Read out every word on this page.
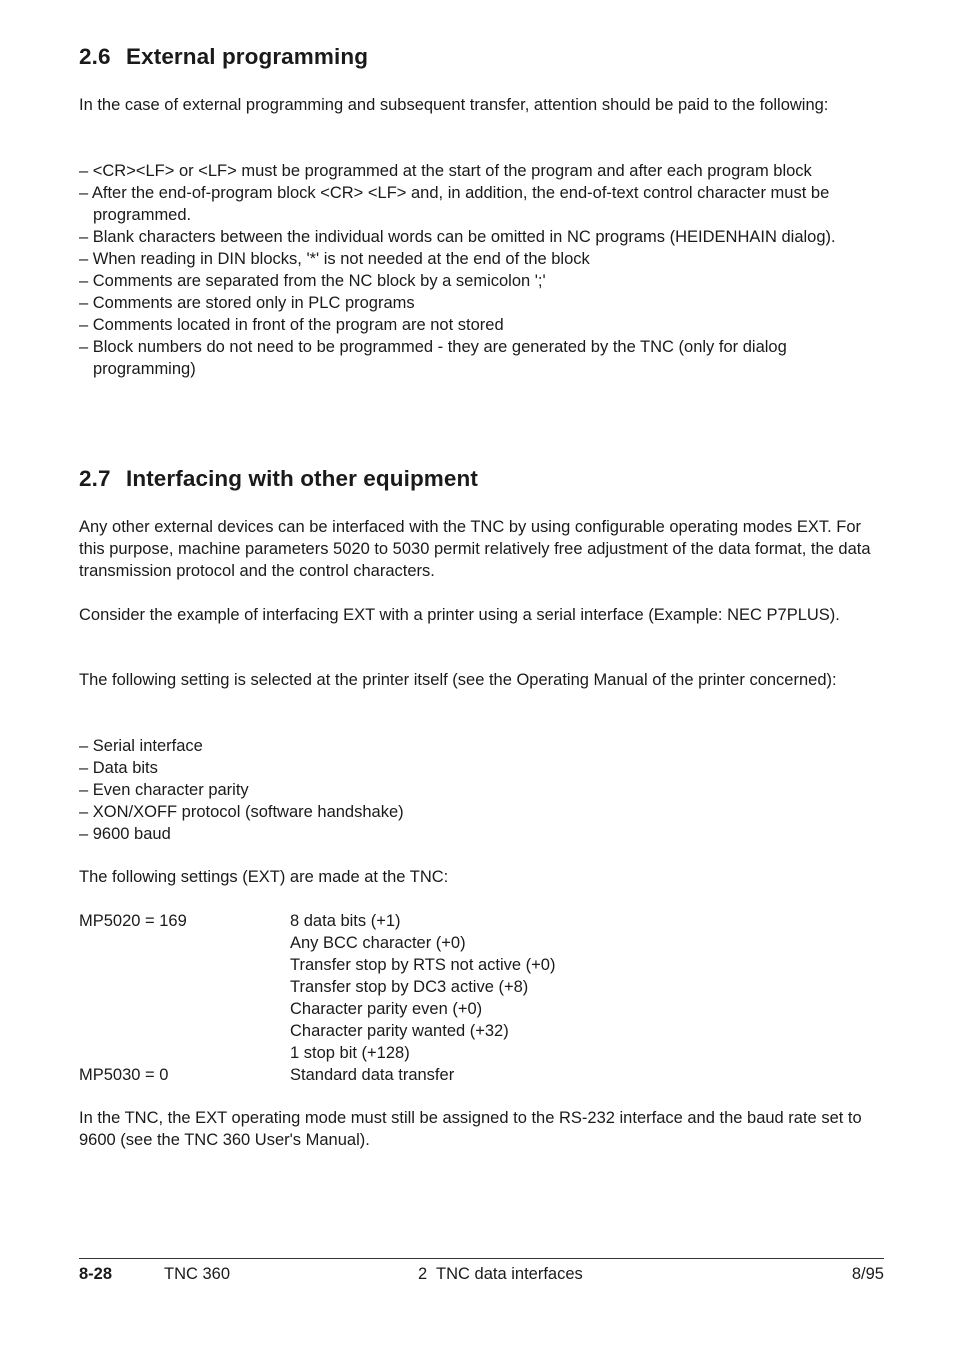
2.6 External programming

In the case of external programming and subsequent transfer, attention should be paid to the following:

– <CR><LF> or <LF> must be programmed at the start of the program and after each program block
– After the end-of-program block <CR> <LF> and, in addition, the end-of-text control character must be programmed.
– Blank characters between the individual words can be omitted in NC programs (HEIDENHAIN dialog).
– When reading in DIN blocks, '*' is not needed at the end of the block
– Comments are separated from the NC block by a semicolon ';'
– Comments are stored only in PLC programs
– Comments located in front of the program are not stored
– Block numbers do not need to be programmed - they are generated by the TNC (only for dialog programming)
2.7 Interfacing with other equipment

Any other external devices can be interfaced with the TNC by using configurable operating modes EXT. For this purpose, machine parameters 5020 to 5030 permit relatively free adjustment of the data format, the data transmission protocol and the control characters.

Consider the example of interfacing EXT with a printer using a serial interface (Example: NEC P7PLUS).

The following setting is selected at the printer itself (see the Operating Manual of the printer concerned):

– Serial interface
– Data bits
– Even character parity
– XON/XOFF protocol (software handshake)
– 9600 baud

The following settings (EXT) are made at the TNC:

MP5020 = 169	8 data bits (+1)
Any BCC character (+0)
Transfer stop by RTS not active (+0)
Transfer stop by DC3 active (+8)
Character parity even (+0)
Character parity wanted (+32)
1 stop bit (+128)
MP5030 = 0	Standard data transfer

In the TNC, the EXT operating mode must still be assigned to the RS-232 interface and the baud rate set to 9600 (see the TNC 360 User's Manual).

8-28	TNC 360	2  TNC data interfaces	8/95
